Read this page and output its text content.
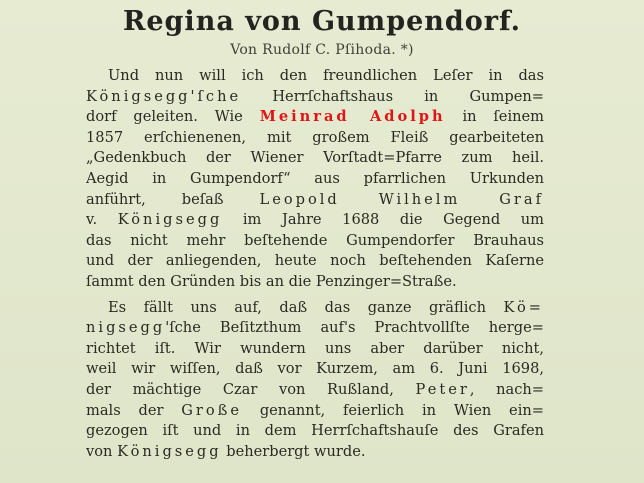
Regina von Gumpendorf.
Von Rudolf C. Pſihoda. *)
Und nun will ich den freundlichen Leſer in das
Königsegg'ſche Herrſchaftshaus in Gumpen=
dorf geleiten. Wie Meinrad Adolph in ſeinem
1857 erſchienenen, mit großem Fleiß gearbeiteten
„Gedenkbuch der Wiener Vorſtadt=Pfarre zum heil.
Aegid in Gumpendorf“ aus pfarrlichen Urkunden
anführt, beſaß Leopold Wilhelm Graf
v. Königsegg im Jahre 1688 die Gegend um
das nicht mehr beſtehende Gumpendorfer Brauhaus
und der anliegenden, heute noch beſtehenden Kaſerne
ſammt den Gründen bis an die Penzinger=Straße.
Es fällt uns auf, daß das ganze gräflich Kö=
nigsegg'ſche Beſitzthum auf's Prachtvollſte herge=
richtet iſt. Wir wundern uns aber darüber nicht,
weil wir wiſſen, daß vor Kurzem, am 6. Juni 1698,
der mächtige Czar von Rußland, Peter, nach=
mals der Große genannt, feierlich in Wien ein=
gezogen iſt und in dem Herrſchaftshauſe des Grafen
von Königsegg beherbergt wurde.
